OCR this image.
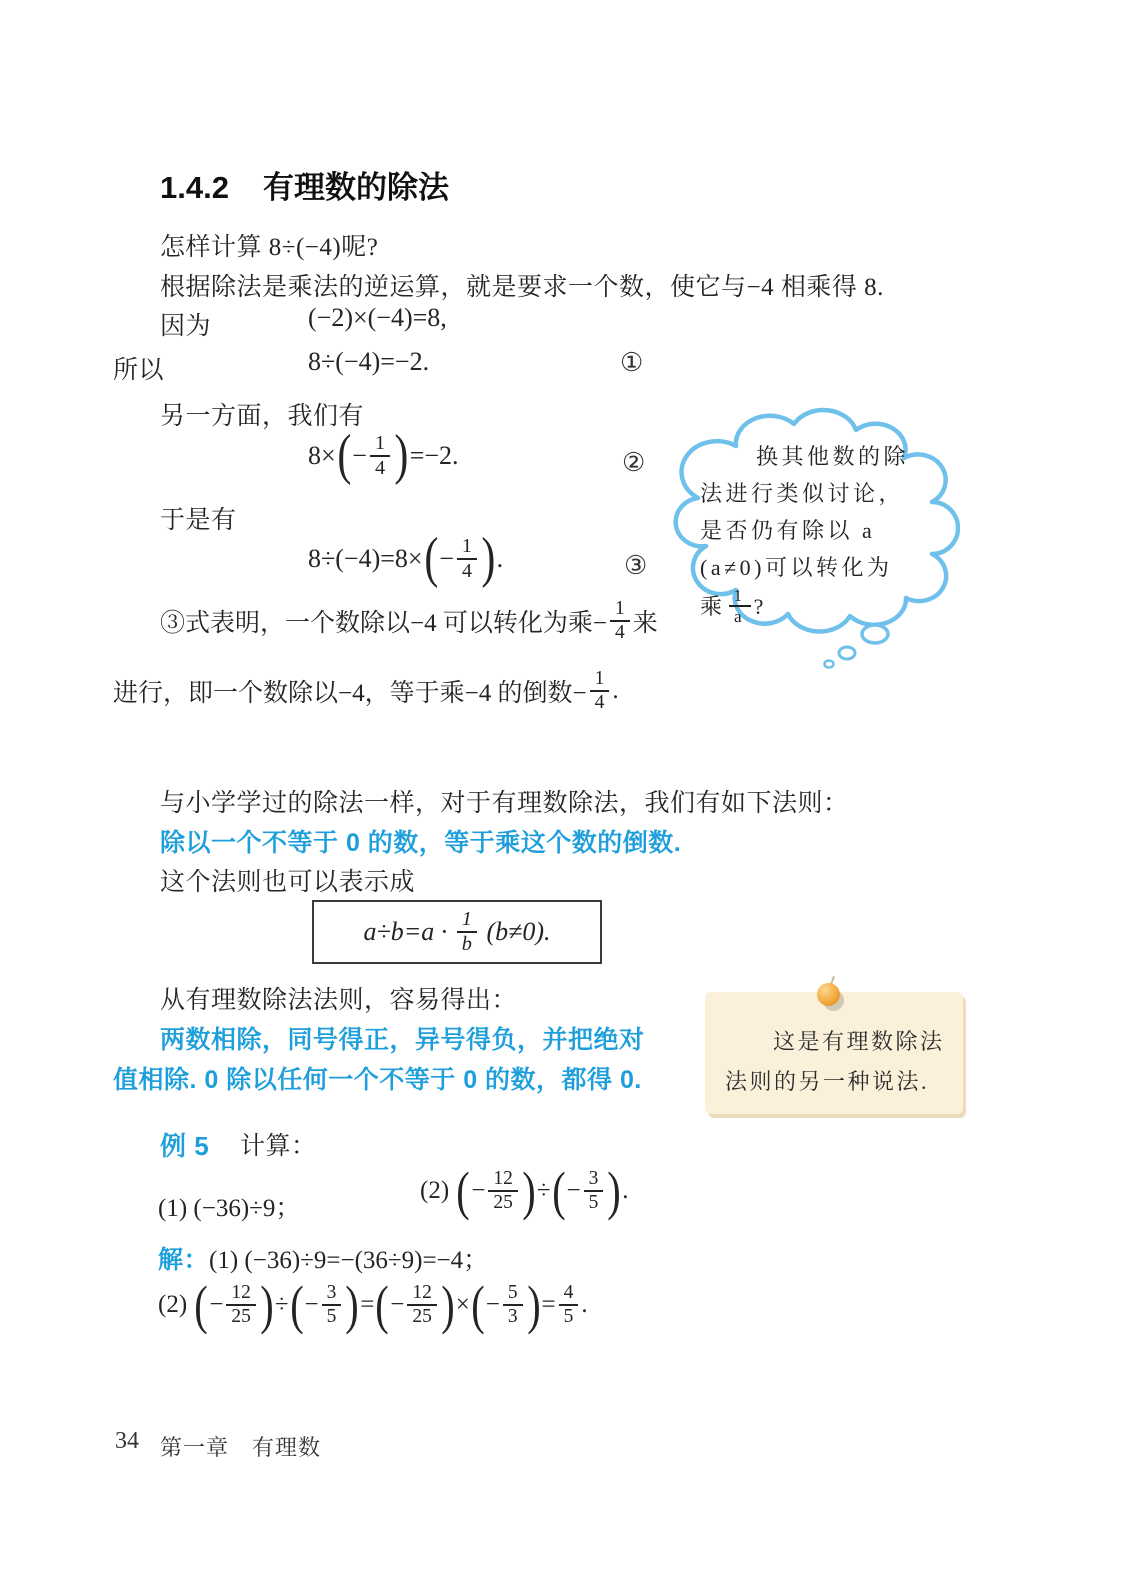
1.4.2 有理数的除法
怎样计算 8÷(−4)呢?
根据除法是乘法的逆运算，就是要求一个数，使它与−4 相乘得 8.
因为	(−2)×(−4)=8,
所以	8÷(−4)=−2.	①
另一方面，我们有
8× ( − $\frac{1}{4}$ ) =−2.	②
于是有
8÷(−4)=8× ( − $\frac{1}{4}$ ) .	③
换其他数的除

法进行类似讨论，

是否仍有除以 a

(a≠0)可以转化为

乘 $\frac{1}{a}$ ?
③式表明，一个数除以−4 可以转化为乘− $\frac{1}{4}$ 来
进行，即一个数除以−4，等于乘−4 的倒数− $\frac{1}{4}$ .
与小学学过的除法一样，对于有理数除法，我们有如下法则：
除以一个不等于 0 的数，等于乘这个数的倒数.
这个法则也可以表示成
$a\div b=a \cdot \frac{1}{b} (b\ne 0)$.
从有理数除法法则，容易得出：
两数相除，同号得正，异号得负，并把绝对
值相除. 0 除以任何一个不等于 0 的数，都得 0.
这是有理数除法
法则的另一种说法.
例 5 计算：
(1) (−36)÷9；
(2) ( − $\frac{12}{25}$ ) ÷ ( − $\frac{3}{5}$ ) .
解： (1) (−36)÷9=−(36÷9)=−4；
(2) ( − $\frac{12}{25}$ ) ÷ ( − $\frac{3}{5}$ ) = ( − $\frac{12}{25}$ ) × ( − $\frac{5}{3}$ ) = $\frac{4}{5}$ .
34 第一章　有理数
